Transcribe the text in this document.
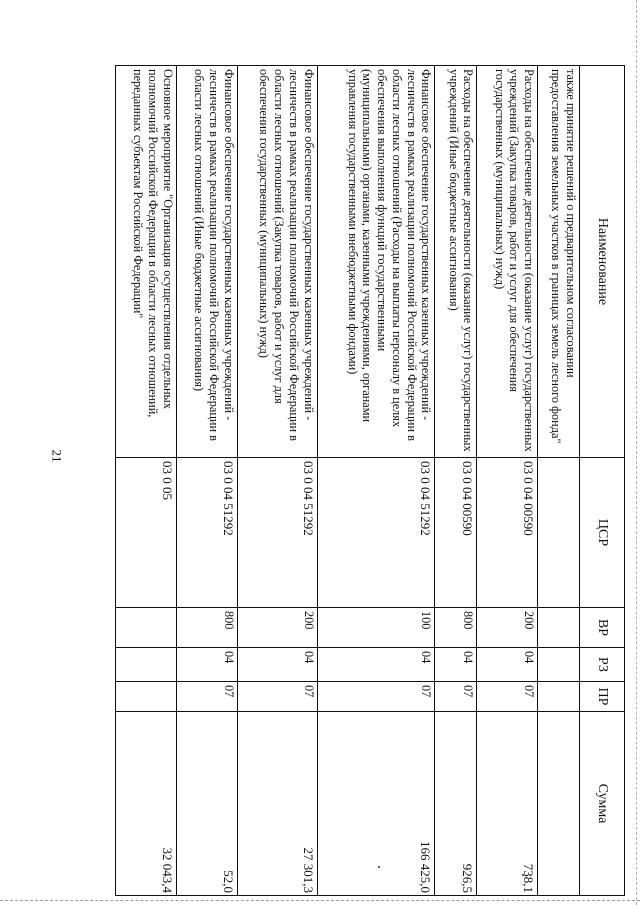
21
Наименование	ЦСР	ВР	РЗ	ПР	Сумма
также принятие решений о предварительном согласовании предоставления земельных участков в границах земель лесного фонда"					
Расходы на обеспечение деятельности (оказание услуг) государственных учреждений (Закупка товаров, работ и услуг для обеспечения государственных (муниципальных) нужд)	03 0 04 00590	200	04	07	738,1
Расходы на обеспечение деятельности (оказание услуг) государственных учреждений (Иные бюджетные ассигнования)	03 0 04 00590	800	04	07	926,5
Финансовое обеспечение государственных казенных учреждений - лесничеств в рамках реализации полномочий Российской Федерации в области лесных отношений (Расходы на выплаты персоналу в целях обеспечения выполнения функций государственными (муниципальными) органами, казенными учреждениями, органами управления государственными внебюджетными фондами)	03 0 04 51292	100	04	07	166 425,0
Финансовое обеспечение государственных казенных учреждений - лесничеств в рамках реализации полномочий Российской Федерации в области лесных отношений (Закупка товаров, работ и услуг для обеспечения государственных (муниципальных) нужд)	03 0 04 51292	200	04	07	27 301,3
Финансовое обеспечение государственных казенных учреждений - лесничеств в рамках реализации полномочий Российской Федерации в области лесных отношений (Иные бюджетные ассигнования)	03 0 04 51292	800	04	07	52,0
Основное мероприятие "Организация осуществления отдельных полномочий Российской Федерации в области лесных отношений, переданных субъектам Российской Федерации"	03 0 05				32 043,4
